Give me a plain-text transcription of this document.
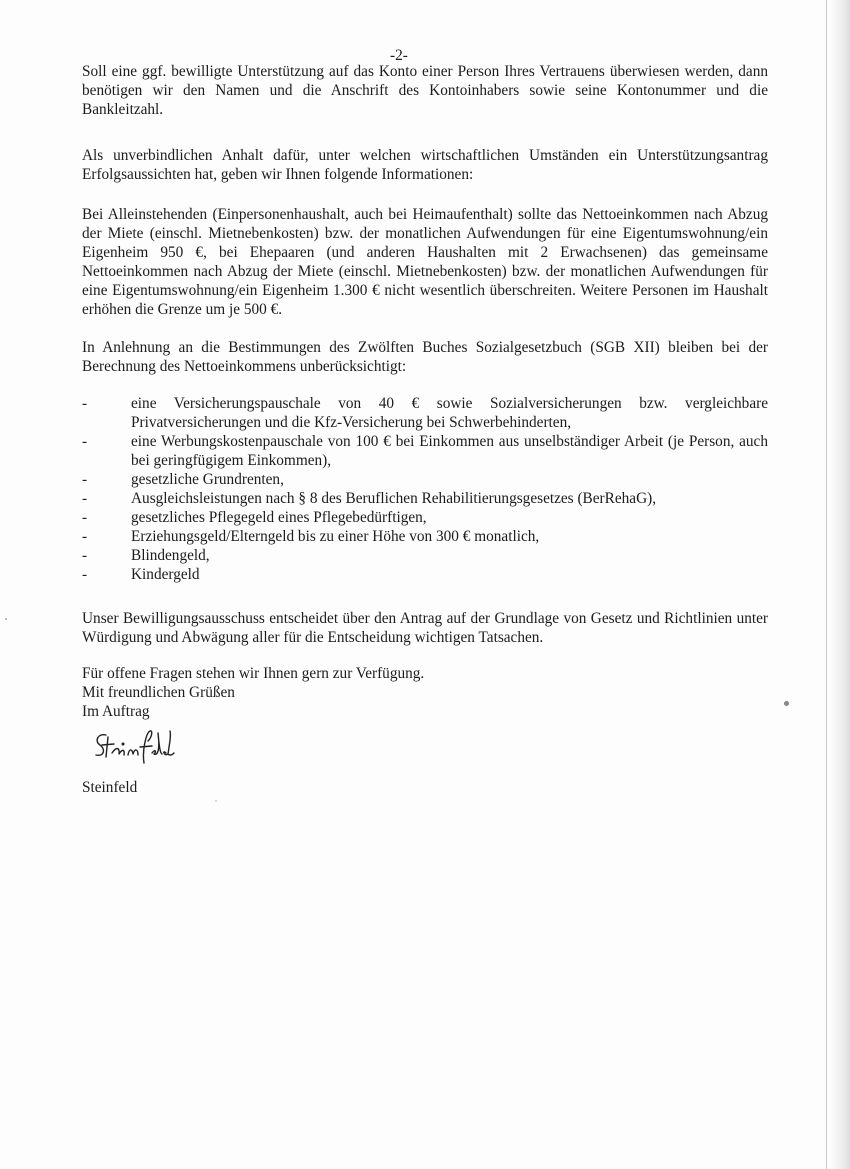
-2-

Soll eine ggf. bewilligte Unterstützung auf das Konto einer Person Ihres Vertrauens überwiesen werden, dann benötigen wir den Namen und die Anschrift des Kontoinhabers sowie seine Kontonummer und die Bankleitzahl.

Als unverbindlichen Anhalt dafür, unter welchen wirtschaftlichen Umständen ein Unterstützungsantrag Erfolgsaussichten hat, geben wir Ihnen folgende Informationen:

Bei Alleinstehenden (Einpersonenhaushalt, auch bei Heimaufenthalt) sollte das Nettoeinkommen nach Abzug der Miete (einschl. Mietnebenkosten) bzw. der monatlichen Aufwendungen für eine Eigentumswohnung/ein Eigenheim 950 €, bei Ehepaaren (und anderen Haushalten mit 2 Erwachsenen) das gemeinsame Nettoeinkommen nach Abzug der Miete (einschl. Mietnebenkosten) bzw. der monatlichen Aufwendungen für eine Eigentumswohnung/ein Eigenheim 1.300 € nicht wesentlich überschreiten. Weitere Personen im Haushalt erhöhen die Grenze um je 500 €.

In Anlehnung an die Bestimmungen des Zwölften Buches Sozialgesetzbuch (SGB XII) bleiben bei der Berechnung des Nettoeinkommens unberücksichtigt:

-	eine Versicherungspauschale von 40 € sowie Sozialversicherungen bzw. vergleichbare Privatversicherungen und die Kfz-Versicherung bei Schwerbehinderten,
-	eine Werbungskostenpauschale von 100 € bei Einkommen aus unselbständiger Arbeit (je Person, auch bei geringfügigem Einkommen),
-	gesetzliche Grundrenten,
-	Ausgleichsleistungen nach § 8 des Beruflichen Rehabilitierungsgesetzes (BerRehaG),
-	gesetzliches Pflegegeld eines Pflegebedürftigen,
-	Erziehungsgeld/Elterngeld bis zu einer Höhe von 300 € monatlich,
-	Blindengeld,
-	Kindergeld

Unser Bewilligungsausschuss entscheidet über den Antrag auf der Grundlage von Gesetz und Richtlinien unter Würdigung und Abwägung aller für die Entscheidung wichtigen Tatsachen.

Für offene Fragen stehen wir Ihnen gern zur Verfügung.

Mit freundlichen Grüßen

Im Auftrag

Steinfeld
